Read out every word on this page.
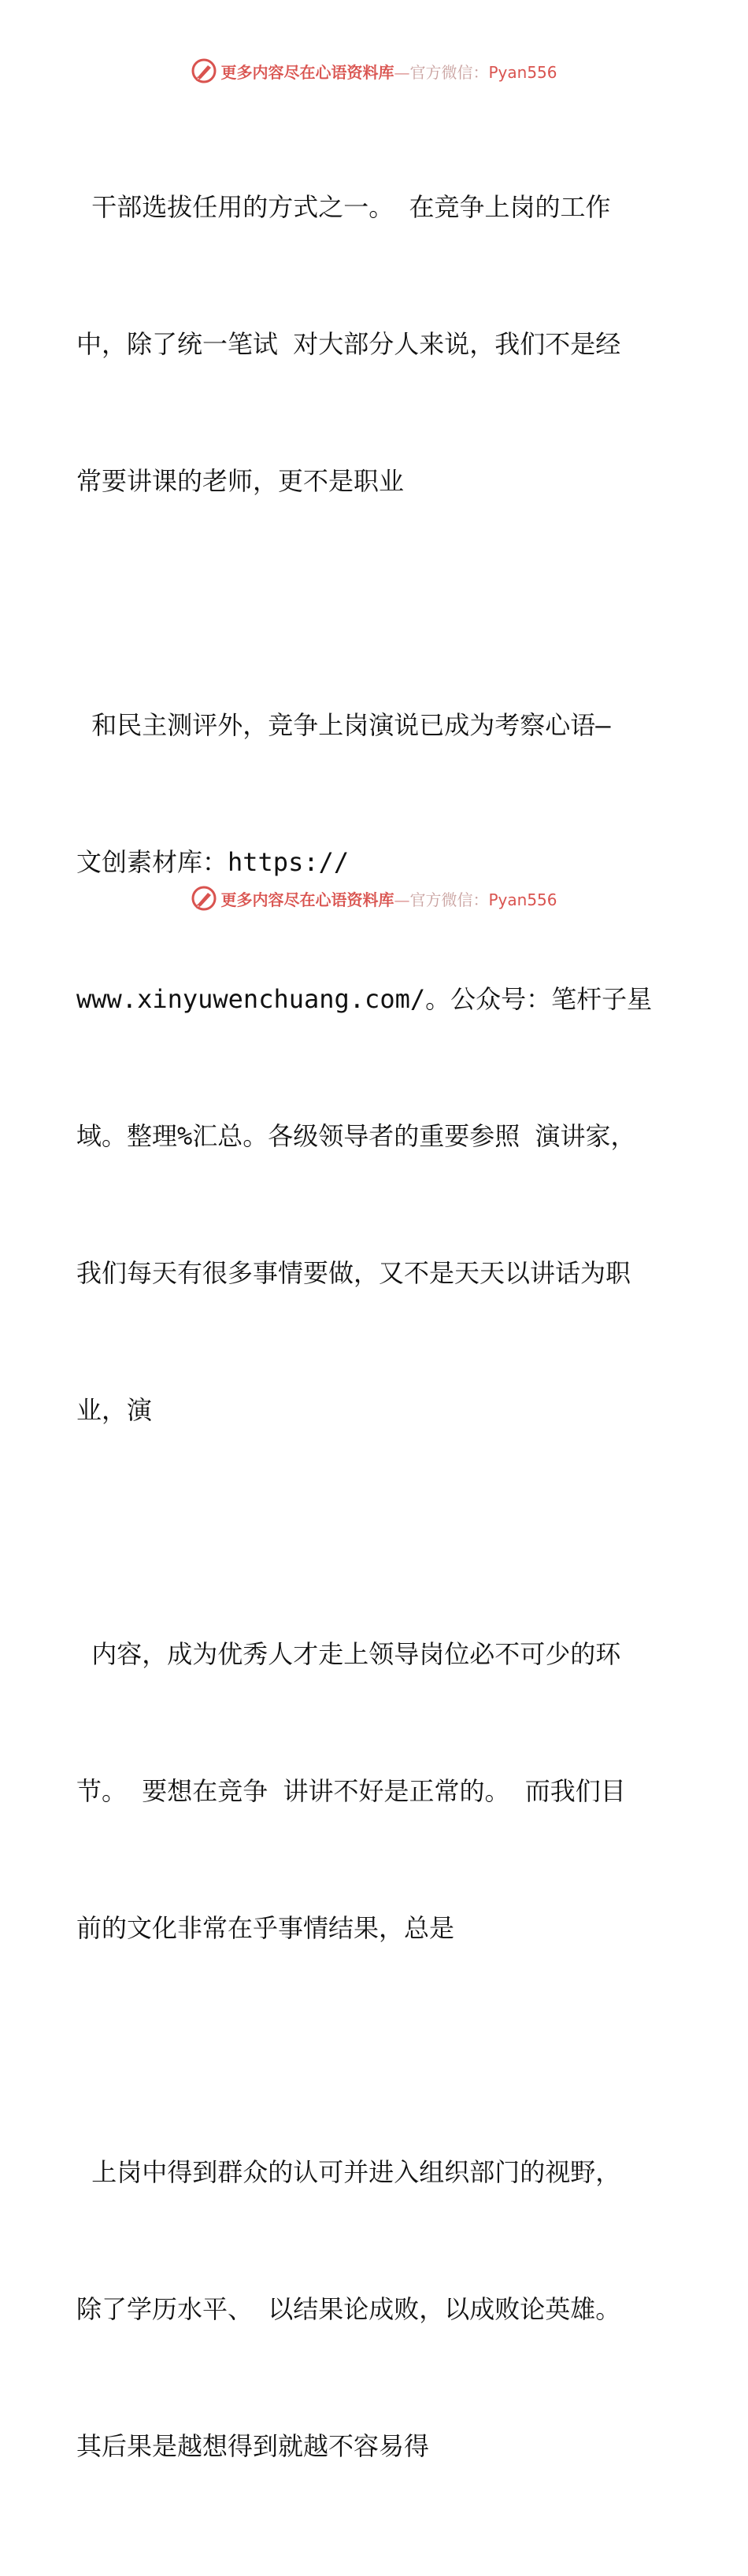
更多内容尽在心语资料库—官方微信：Pyan556

干部选拔任用的方式之一。 在竞争上岗的工作

中，除了统一笔试 对大部分人来说，我们不是经

常要讲课的老师，更不是职业

和民主测评外，竞争上岗演说已成为考察心语—

文创素材库：https://

www.xinyuwenchuang.com/。公众号：笔杆子星

域。整理%汇总。各级领导者的重要参照 演讲家，

我们每天有很多事情要做，又不是天天以讲话为职

业，演

内容，成为优秀人才走上领导岗位必不可少的环

节。 要想在竞争 讲讲不好是正常的。 而我们目

前的文化非常在乎事情结果，总是

上岗中得到群众的认可并进入组织部门的视野，

除了学历水平、 以结果论成败，以成败论英雄。

其后果是越想得到就越不容易得

更多内容尽在心语资料库—官方微信：Pyan556
